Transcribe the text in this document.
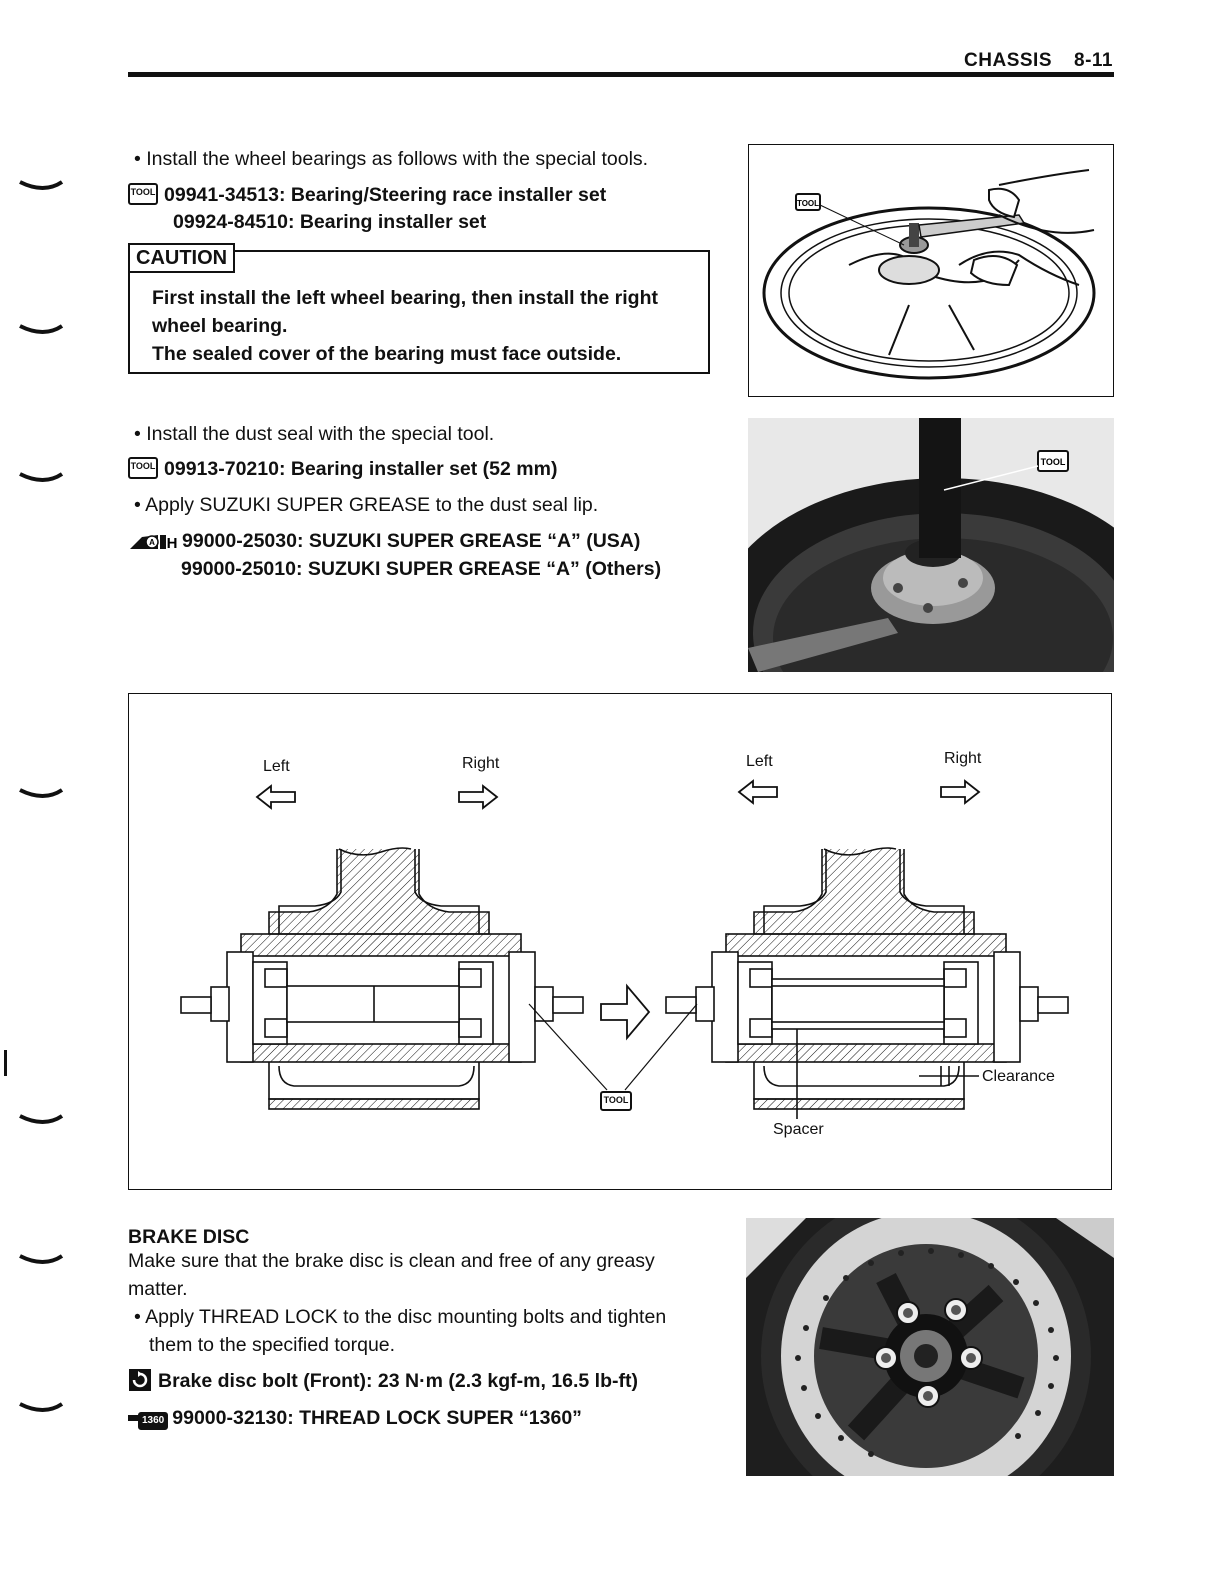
CHASSIS 8-11
• Install the wheel bearings as follows with the special tools.
TOOL 09941-34513: Bearing/Steering race installer set
09924-84510: Bearing installer set
CAUTION
First install the left wheel bearing, then install the right
wheel bearing.
The sealed cover of the bearing must face outside.
TOOL
• Install the dust seal with the special tool.
TOOL 09913-70210: Bearing installer set (52 mm)
• Apply SUZUKI SUPER GREASE to the dust seal lip.
A H 99000-25030: SUZUKI SUPER GREASE “A” (USA)
99000-25010: SUZUKI SUPER GREASE “A” (Others)
TOOL
Left	Right	Left	Right
Clearance
Spacer
TOOL
BRAKE DISC
Make sure that the brake disc is clean and free of any greasy
matter.
• Apply THREAD LOCK to the disc mounting bolts and tighten
them to the specified torque.
Brake disc bolt (Front): 23 N·m (2.3 kgf-m, 16.5 lb-ft)
1360 99000-32130: THREAD LOCK SUPER “1360”
